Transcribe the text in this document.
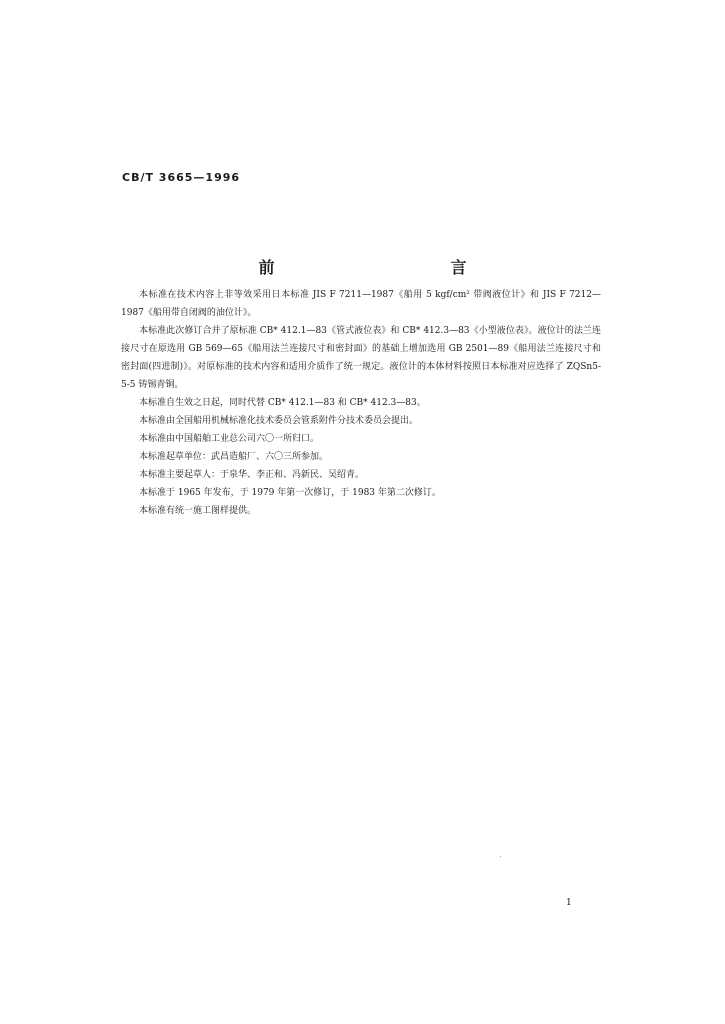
CB/T 3665—1996
前　　言

本标准在技术内容上非等效采用日本标准 JIS F 7211—1987《船用 5 kgf/cm² 带阀液位计》和 JIS F 7212—1987《船用带自闭阀的油位计》。

本标准此次修订合并了原标准 CB* 412.1—83《管式液位表》和 CB* 412.3—83《小型液位表》。液位计的法兰连接尺寸在原选用 GB 569—65《船用法兰连接尺寸和密封面》的基础上增加选用 GB 2501—89《船用法兰连接尺寸和密封面(四进制)》。对原标准的技术内容和适用介质作了统一规定。液位计的本体材料按照日本标准对应选择了 ZQSn5-5-5 铸锡青铜。

本标准自生效之日起，同时代替 CB* 412.1—83 和 CB* 412.3—83。

本标准由全国船用机械标准化技术委员会管系附件分技术委员会提出。

本标准由中国船舶工业总公司六〇一所归口。

本标准起草单位：武昌造船厂、六〇三所参加。

本标准主要起草人：于泉华、李正和、冯新民、吴绍青。

本标准于 1965 年发布，于 1979 年第一次修订，于 1983 年第二次修订。

本标准有统一施工图样提供。

1
